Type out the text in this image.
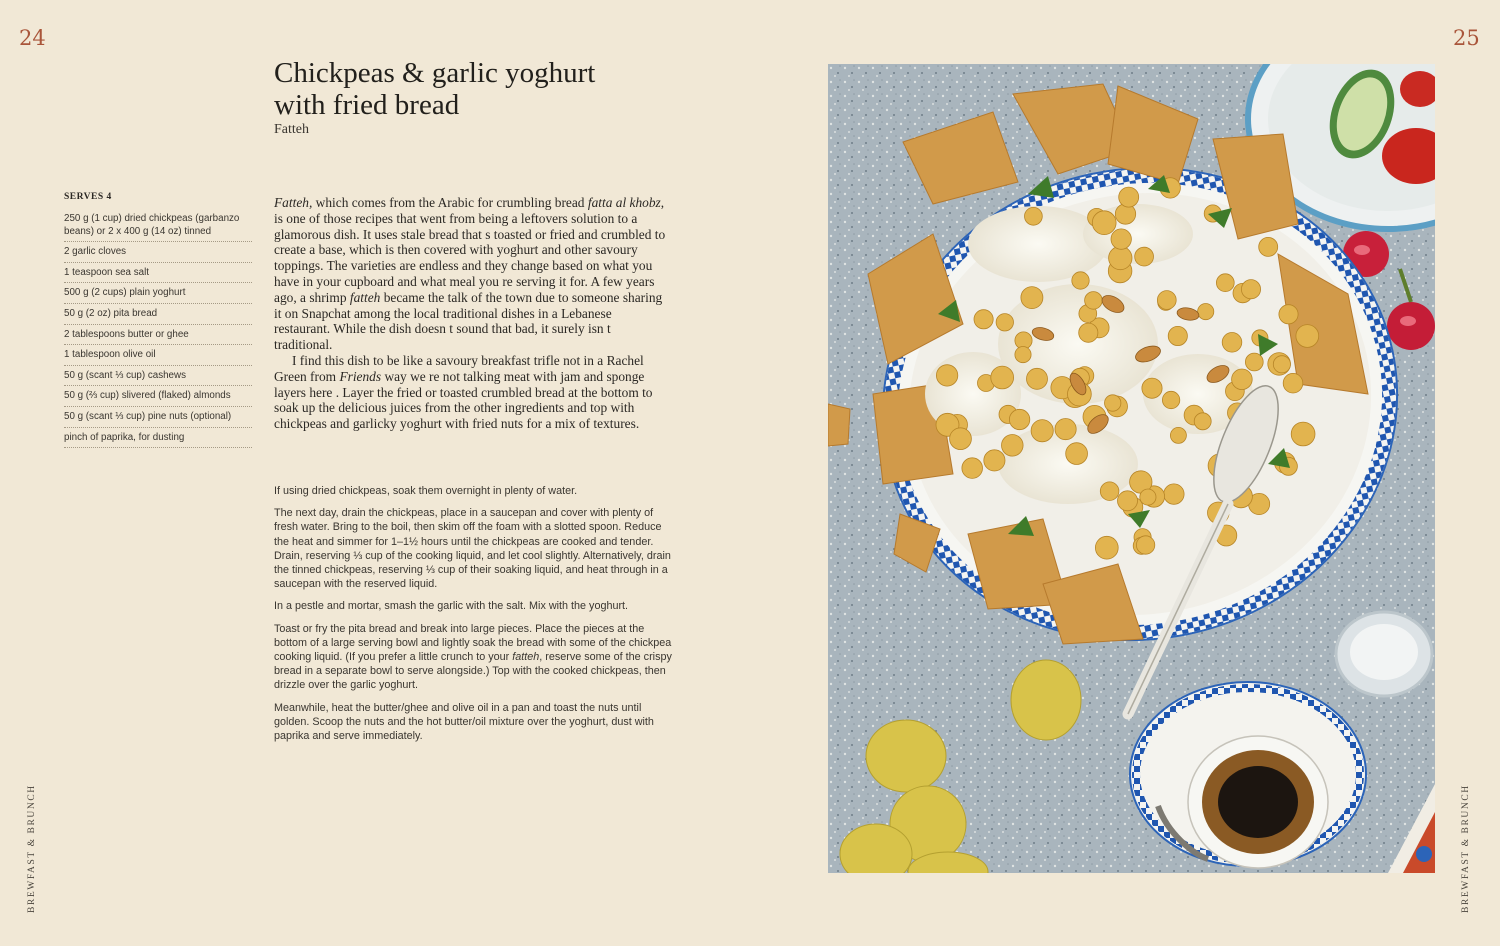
24	25
Chickpeas & garlic yoghurt
with fried bread
Fatteh
SERVES 4
250 g (1 cup) dried chickpeas (garbanzo beans) or 2 x 400 g (14 oz) tinned
2 garlic cloves
1 teaspoon sea salt
500 g (2 cups) plain yoghurt
50 g (2 oz) pita bread
2 tablespoons butter or ghee
1 tablespoon olive oil
50 g (scant ⅓ cup) cashews
50 g (⅔ cup) slivered (flaked) almonds
50 g (scant ⅓ cup) pine nuts (optional)
pinch of paprika, for dusting

Fatteh, which comes from the Arabic for crumbling bread fatta al khobz, is one of those recipes that went from being a leftovers solution to a glamorous dish. It uses stale bread that s toasted or fried and crumbled to create a base, which is then covered with yoghurt and other savoury toppings. The varieties are endless and they change based on what you have in your cupboard and what meal you re serving it for. A few years ago, a shrimp fatteh became the talk of the town due to someone sharing it on Snapchat among the local traditional dishes in a Lebanese restaurant. While the dish doesn t sound that bad, it surely isn t traditional.

I find this dish to be like a savoury breakfast trifle not in a Rachel Green from Friends way we re not talking meat with jam and sponge layers here . Layer the fried or toasted crumbled bread at the bottom to soak up the delicious juices from the other ingredients and top with chickpeas and garlicky yoghurt with fried nuts for a mix of textures.

If using dried chickpeas, soak them overnight in plenty of water.

The next day, drain the chickpeas, place in a saucepan and cover with plenty of fresh water. Bring to the boil, then skim off the foam with a slotted spoon. Reduce the heat and simmer for 1–1½ hours until the chickpeas are cooked and tender. Drain, reserving ⅓ cup of the cooking liquid, and let cool slightly. Alternatively, drain the tinned chickpeas, reserving ⅓ cup of their soaking liquid, and heat through in a saucepan with the reserved liquid.

In a pestle and mortar, smash the garlic with the salt. Mix with the yoghurt.

Toast or fry the pita bread and break into large pieces. Place the pieces at the bottom of a large serving bowl and lightly soak the bread with some of the chickpea cooking liquid. (If you prefer a little crunch to your fatteh, reserve some of the crispy bread in a separate bowl to serve alongside.) Top with the cooked chickpeas, then drizzle over the garlic yoghurt.

Meanwhile, heat the butter/ghee and olive oil in a pan and toast the nuts until golden. Scoop the nuts and the hot butter/oil mixture over the yoghurt, dust with paprika and serve immediately.

BREWFAST & BRUNCH	BREWFAST & BRUNCH
